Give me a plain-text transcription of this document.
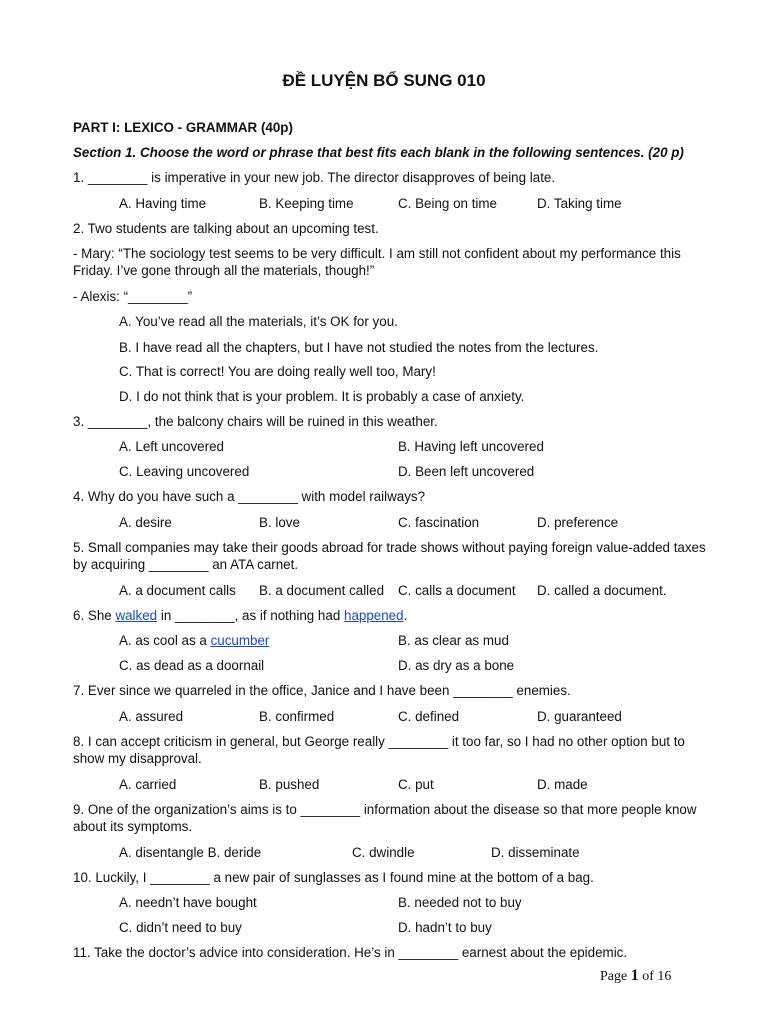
ĐỀ LUYỆN BỔ SUNG 010
PART I: LEXICO - GRAMMAR (40p)
Section 1. Choose the word or phrase that best fits each blank in the following sentences. (20 p)
1. ________ is imperative in your new job. The director disapproves of being late.
A. Having time	B. Keeping time	C. Being on time	D. Taking time
2. Two students are talking about an upcoming test.
- Mary: “The sociology test seems to be very difficult. I am still not confident about my performance this Friday. I’ve gone through all the materials, though!”
- Alexis: “________”
A. You’ve read all the materials, it’s OK for you.
B. I have read all the chapters, but I have not studied the notes from the lectures.
C. That is correct! You are doing really well too, Mary!
D. I do not think that is your problem. It is probably a case of anxiety.
3. ________, the balcony chairs will be ruined in this weather.
A. Left uncovered	B. Having left uncovered
C. Leaving uncovered	D. Been left uncovered
4. Why do you have such a ________ with model railways?
A. desire	B. love	C. fascination	D. preference
5. Small companies may take their goods abroad for trade shows without paying foreign value-added taxes by acquiring ________ an ATA carnet.
A. a document calls B. a document called C. calls a document D. called a document.
6. She walked in ________, as if nothing had happened.
A. as cool as a cucumber	B. as clear as mud
C. as dead as a doornail	D. as dry as a bone
7. Ever since we quarreled in the office, Janice and I have been ________ enemies.
A. assured	B. confirmed	C. defined	D. guaranteed
8. I can accept criticism in general, but George really ________ it too far, so I had no other option but to show my disapproval.
A. carried	B. pushed	C. put	D. made
9. One of the organization’s aims is to ________ information about the disease so that more people know about its symptoms.
A. disentangle B. deride	C. dwindle	D. disseminate
10. Luckily, I ________ a new pair of sunglasses as I found mine at the bottom of a bag.
A. needn’t have bought	B. needed not to buy
C. didn’t need to buy	D. hadn’t to buy
11. Take the doctor’s advice into consideration. He’s in ________ earnest about the epidemic.
Page 1 of 16
